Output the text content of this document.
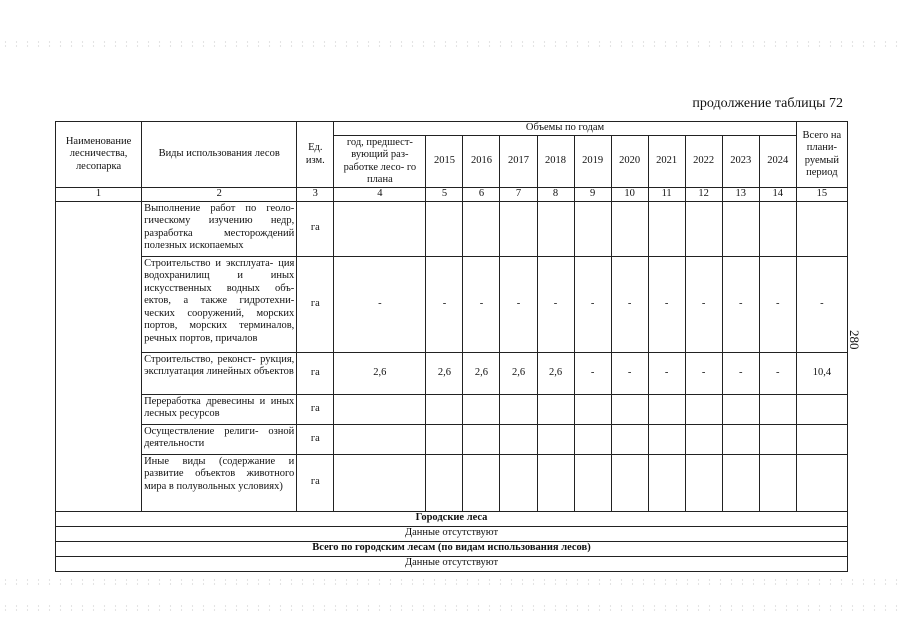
продолжение таблицы 72
280
Наименование лесничества, лесопарка	Виды использования лесов	Ед. изм.	Объемы по годам											Всего на плани- руемый период
			год, предшест- вующий раз- работке лесо- го плана	2015	2016	2017	2018	2019	2020	2021	2022	2023	2024	
1	2	3	4	5	6	7	8	9	10	11	12	13	14	15
	Выполнение работ по геоло- гическому изучению недр, разработка месторождений полезных ископаемых	га												
	Строительство и эксплуата- ция водохранилищ и иных искусственных водных объ- ектов, а также гидротехни- ческих сооружений, морских портов, морских терминалов, речных портов, причалов	га	-	-	-	-	-	-	-	-	-	-	-	-
	Строительство, реконст- рукция, эксплуатация линейных объектов	га	2,6	2,6	2,6	2,6	2,6	-	-	-	-	-	-	10,4
	Переработка древесины и иных лесных ресурсов	га												
	Осуществление религи- озной деятельности	га												
	Иные виды (содержание и развитие объектов животного мира в полувольных условиях)	га												
Городские леса														
Данные отсутствуют														
Всего по городским лесам (по видам использования лесов)														
Данные отсутствуют														
